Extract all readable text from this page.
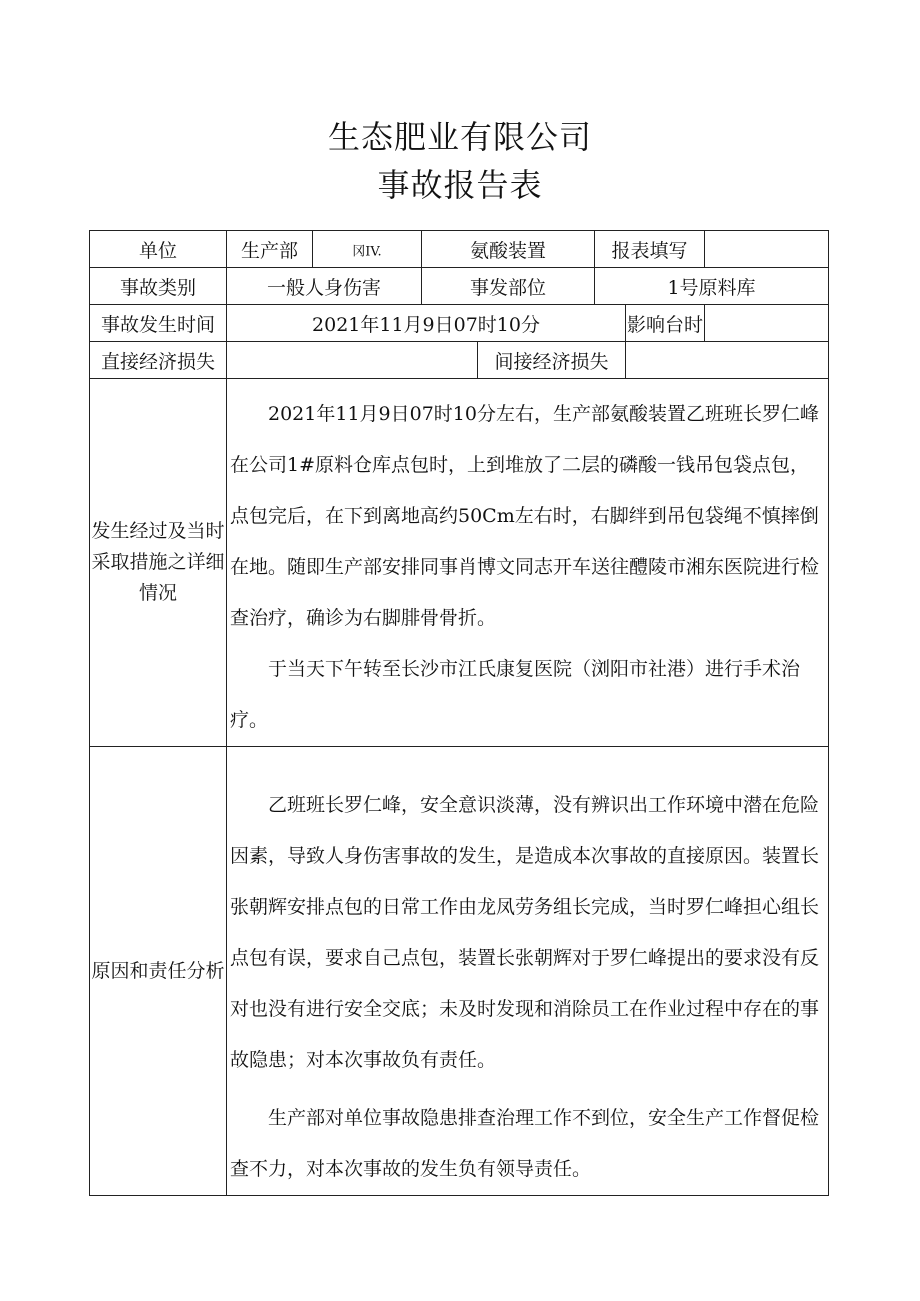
生态肥业有限公司
事故报告表
单位	生产部	冈IV.	氨酸装置		报表填写		
事故类别	一般人身伤害		事发部位		1号原料库		
事故发生时间	2021年11月9日07时10分					影响台时	
直接经济损失				间接经济损失			
发生经过及当时采取措施之详细情况	2021年11月9日07时10分左右，生产部氨酸装置乙班班长罗仁峰在公司1#原料仓库点包时，上到堆放了二层的磷酸一钱吊包袋点包，点包完后，在下到离地高约50Cm左右时，右脚绊到吊包袋绳不慎摔倒在地。随即生产部安排同事肖博文同志开车送往醴陵市湘东医院进行检查治疗，确诊为右脚腓骨骨折。

于当天下午转至长沙市江氏康复医院（浏阳市社港）进行手术治疗。						

原因和责任分析	乙班班长罗仁峰，安全意识淡薄，没有辨识出工作环境中潜在危险因素，导致人身伤害事故的发生，是造成本次事故的直接原因。装置长张朝辉安排点包的日常工作由龙凤劳务组长完成，当时罗仁峰担心组长点包有误，要求自己点包，装置长张朝辉对于罗仁峰提出的要求没有反对也没有进行安全交底；未及时发现和消除员工在作业过程中存在的事故隐患；对本次事故负有责任。

生产部对单位事故隐患排查治理工作不到位，安全生产工作督促检查不力，对本次事故的发生负有领导责任。						
